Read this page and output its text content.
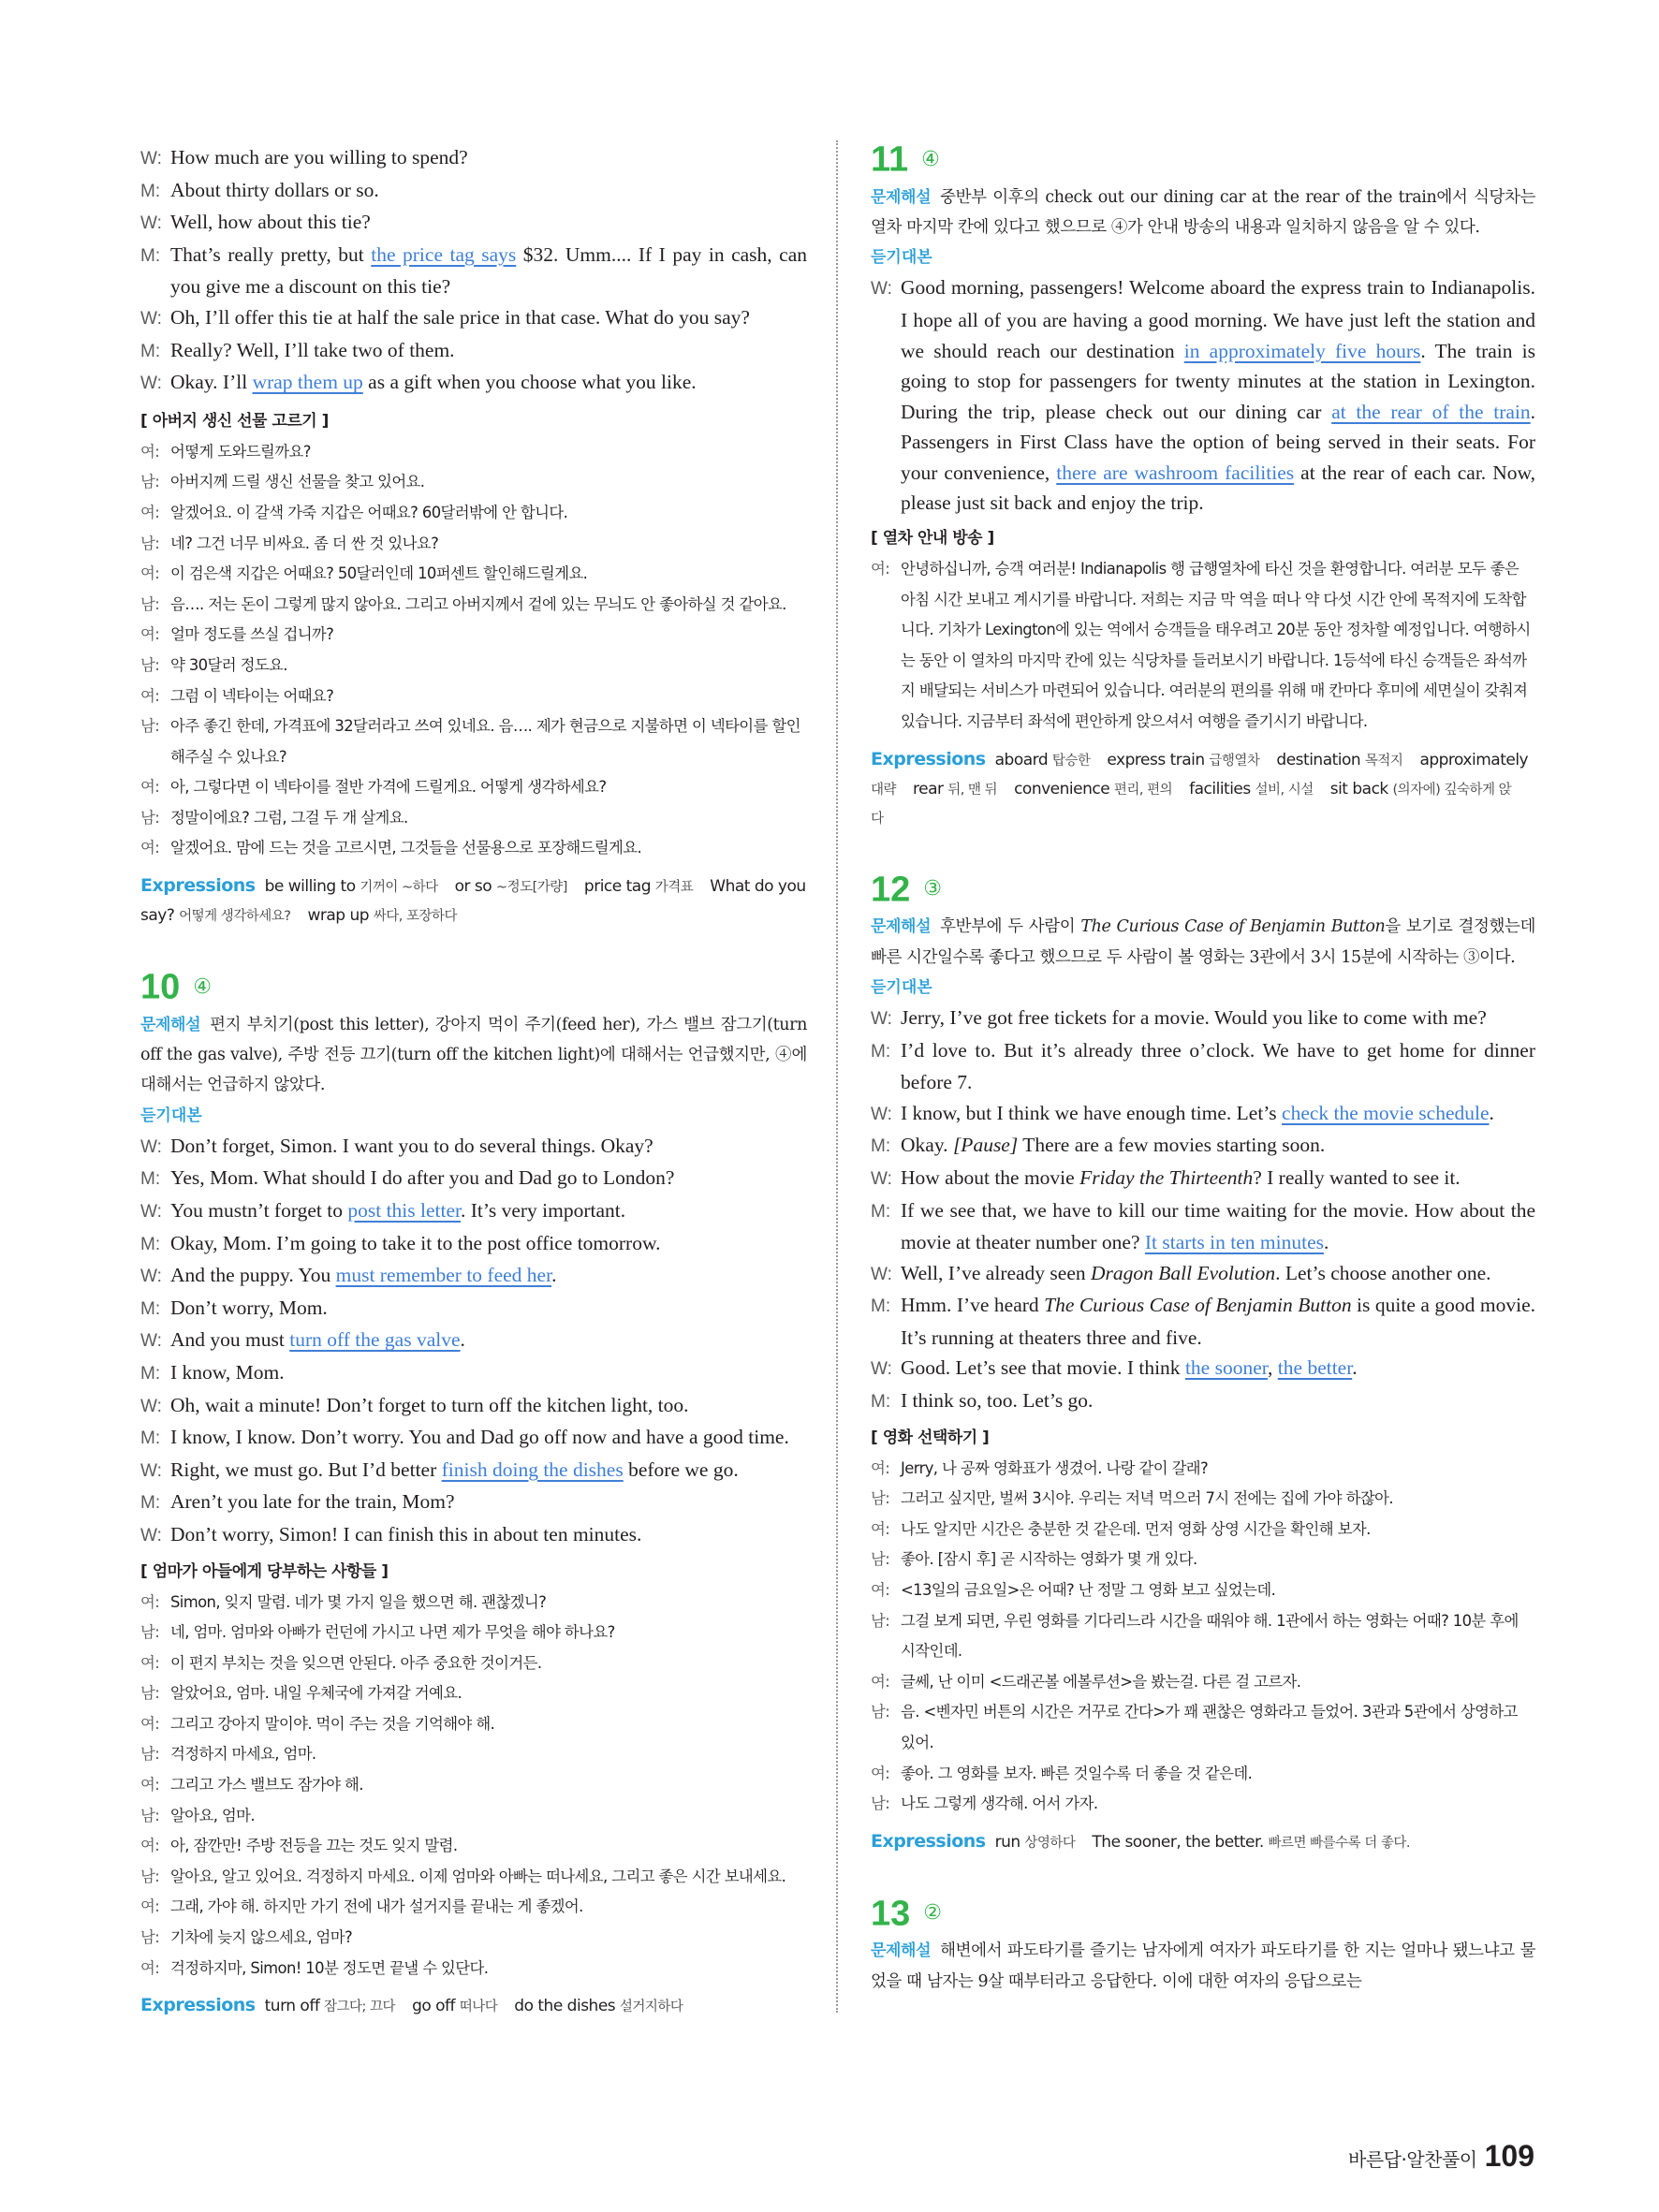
W: How much are you willing to spend?
M: About thirty dollars or so.
W: Well, how about this tie?
M: That’s really pretty, but the price tag says $32. Umm.... If I pay in cash, can you give me a discount on this tie?
W: Oh, I’ll offer this tie at half the sale price in that case. What do you say?
M: Really? Well, I’ll take two of them.
W: Okay. I’ll wrap them up as a gift when you choose what you like.
[ 아버지 생신 선물 고르기 ]
여: 어떻게 도와드릴까요?
남: 아버지께 드릴 생신 선물을 찾고 있어요.
여: 알겠어요. 이 갈색 가죽 지갑은 어때요? 60달러밖에 안 합니다.
남: 네? 그건 너무 비싸요. 좀 더 싼 것 있나요?
여: 이 검은색 지갑은 어때요? 50달러인데 10퍼센트 할인해드릴게요.
남: 음…. 저는 돈이 그렇게 많지 않아요. 그리고 아버지께서 겉에 있는 무늬도 안 좋아하실 것 같아요.
여: 얼마 정도를 쓰실 겁니까?
남: 약 30달러 정도요.
여: 그럼 이 넥타이는 어때요?
남: 아주 좋긴 한데, 가격표에 32달러라고 쓰여 있네요. 음…. 제가 현금으로 지불하면 이 넥타이를 할인해주실 수 있나요?
여: 아, 그렇다면 이 넥타이를 절반 가격에 드릴게요. 어떻게 생각하세요?
남: 정말이에요? 그럼, 그걸 두 개 살게요.
여: 알겠어요. 맘에 드는 것을 고르시면, 그것들을 선물용으로 포장해드릴게요.
Expressions be willing to 기꺼이 ~하다 or so ~정도[가량] price tag 가격표 What do you say? 어떻게 생각하세요? wrap up 싸다, 포장하다
10 ④
문제해설 편지 부치기(post this letter), 강아지 먹이 주기(feed her), 가스 밸브 잠그기(turn off the gas valve), 주방 전등 끄기(turn off the kitchen light)에 대해서는 언급했지만, ④에 대해서는 언급하지 않았다.
듣기대본
W: Don’t forget, Simon. I want you to do several things. Okay?
M: Yes, Mom. What should I do after you and Dad go to London?
W: You mustn’t forget to post this letter. It’s very important.
M: Okay, Mom. I’m going to take it to the post office tomorrow.
W: And the puppy. You must remember to feed her.
M: Don’t worry, Mom.
W: And you must turn off the gas valve.
M: I know, Mom.
W: Oh, wait a minute! Don’t forget to turn off the kitchen light, too.
M: I know, I know. Don’t worry. You and Dad go off now and have a good time.
W: Right, we must go. But I’d better finish doing the dishes before we go.
M: Aren’t you late for the train, Mom?
W: Don’t worry, Simon! I can finish this in about ten minutes.
[ 엄마가 아들에게 당부하는 사항들 ]
여: Simon, 잊지 말렴. 네가 몇 가지 일을 했으면 해. 괜찮겠니?
남: 네, 엄마. 엄마와 아빠가 런던에 가시고 나면 제가 무엇을 해야 하나요?
여: 이 편지 부치는 것을 잊으면 안된다. 아주 중요한 것이거든.
남: 알았어요, 엄마. 내일 우체국에 가져갈 거예요.
여: 그리고 강아지 말이야. 먹이 주는 것을 기억해야 해.
남: 걱정하지 마세요, 엄마.
여: 그리고 가스 밸브도 잠가야 해.
남: 알아요, 엄마.
여: 아, 잠깐만! 주방 전등을 끄는 것도 잊지 말렴.
남: 알아요, 알고 있어요. 걱정하지 마세요. 이제 엄마와 아빠는 떠나세요, 그리고 좋은 시간 보내세요.
여: 그래, 가야 해. 하지만 가기 전에 내가 설거지를 끝내는 게 좋겠어.
남: 기차에 늦지 않으세요, 엄마?
여: 걱정하지마, Simon! 10분 정도면 끝낼 수 있단다.
Expressions turn off 잠그다; 끄다 go off 떠나다 do the dishes 설거지하다
11 ④
문제해설 중반부 이후의 check out our dining car at the rear of the train에서 식당차는 열차 마지막 칸에 있다고 했으므로 ④가 안내 방송의 내용과 일치하지 않음을 알 수 있다.
듣기대본
W: Good morning, passengers! Welcome aboard the express train to Indianapolis. I hope all of you are having a good morning. We have just left the station and we should reach our destination in approximately five hours. The train is going to stop for passengers for twenty minutes at the station in Lexington. During the trip, please check out our dining car at the rear of the train. Passengers in First Class have the option of being served in their seats. For your convenience, there are washroom facilities at the rear of each car. Now, please just sit back and enjoy the trip.
[ 열차 안내 방송 ]
여: 안녕하십니까, 승객 여러분! Indianapolis 행 급행열차에 타신 것을 환영합니다. 여러분 모두 좋은 아침 시간 보내고 계시기를 바랍니다. 저희는 지금 막 역을 떠나 약 다섯 시간 안에 목적지에 도착합니다. 기차가 Lexington에 있는 역에서 승객들을 태우려고 20분 동안 정차할 예정입니다. 여행하시는 동안 이 열차의 마지막 칸에 있는 식당차를 들러보시기 바랍니다. 1등석에 타신 승객들은 좌석까지 배달되는 서비스가 마련되어 있습니다. 여러분의 편의를 위해 매 칸마다 후미에 세면실이 갖춰져 있습니다. 지금부터 좌석에 편안하게 앉으셔서 여행을 즐기시기 바랍니다.
Expressions aboard 탑승한 express train 급행열차 destination 목적지 approximately 대략 rear 뒤, 맨 뒤 convenience 편리, 편의 facilities 설비, 시설 sit back (의자에) 깊숙하게 앉다
12 ③
문제해설 후반부에 두 사람이 The Curious Case of Benjamin Button을 보기로 결정했는데 빠른 시간일수록 좋다고 했으므로 두 사람이 볼 영화는 3관에서 3시 15분에 시작하는 ③이다.
듣기대본
W: Jerry, I’ve got free tickets for a movie. Would you like to come with me?
M: I’d love to. But it’s already three o’clock. We have to get home for dinner before 7.
W: I know, but I think we have enough time. Let’s check the movie schedule.
M: Okay. [Pause] There are a few movies starting soon.
W: How about the movie Friday the Thirteenth? I really wanted to see it.
M: If we see that, we have to kill our time waiting for the movie. How about the movie at theater number one? It starts in ten minutes.
W: Well, I’ve already seen Dragon Ball Evolution. Let’s choose another one.
M: Hmm. I’ve heard The Curious Case of Benjamin Button is quite a good movie. It’s running at theaters three and five.
W: Good. Let’s see that movie. I think the sooner, the better.
M: I think so, too. Let’s go.
[ 영화 선택하기 ]
여: Jerry, 나 공짜 영화표가 생겼어. 나랑 같이 갈래?
남: 그러고 싶지만, 벌써 3시야. 우리는 저녁 먹으러 7시 전에는 집에 가야 하잖아.
여: 나도 알지만 시간은 충분한 것 같은데. 먼저 영화 상영 시간을 확인해 보자.
남: 좋아. [잠시 후] 곧 시작하는 영화가 몇 개 있다.
여: <13일의 금요일>은 어때? 난 정말 그 영화 보고 싶었는데.
남: 그걸 보게 되면, 우린 영화를 기다리느라 시간을 때워야 해. 1관에서 하는 영화는 어때? 10분 후에 시작인데.
여: 글쎄, 난 이미 <드래곤볼 에볼루션>을 봤는걸. 다른 걸 고르자.
남: 음. <벤자민 버튼의 시간은 거꾸로 간다>가 꽤 괜찮은 영화라고 들었어. 3관과 5관에서 상영하고 있어.
여: 좋아. 그 영화를 보자. 빠른 것일수록 더 좋을 것 같은데.
남: 나도 그렇게 생각해. 어서 가자.
Expressions run 상영하다 The sooner, the better. 빠르면 빠를수록 더 좋다.
13 ②
문제해설 해변에서 파도타기를 즐기는 남자에게 여자가 파도타기를 한 지는 얼마나 됐느냐고 물었을 때 남자는 9살 때부터라고 응답한다. 이에 대한 여자의 응답으로는
바른답·알찬풀이 109
